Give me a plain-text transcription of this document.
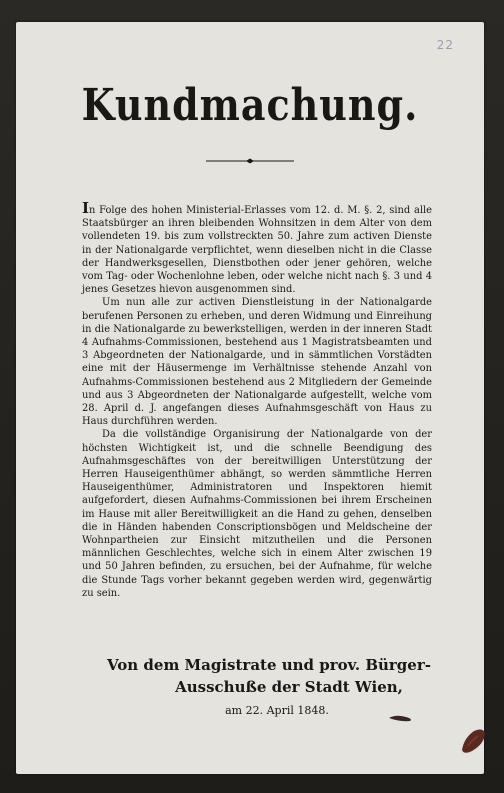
22
Kundmachung.

In Folge des hohen Ministerial-Erlasses vom 12. d. M. §. 2, sind alle Staatsbürger an ihren bleibenden Wohnsitzen in dem Alter von dem vollendeten 19. bis zum vollstreckten 50. Jahre zum activen Dienste in der Nationalgarde verpflichtet, wenn dieselben nicht in die Classe der Handwerksgesellen, Dienstbothen oder jener gehören, welche vom Tag- oder Wochenlohne leben, oder welche nicht nach §. 3 und 4 jenes Gesetzes hievon ausgenommen sind.

Um nun alle zur activen Dienstleistung in der Nationalgarde berufenen Personen zu erheben, und deren Widmung und Einreihung in die Nationalgarde zu bewerkstelligen, werden in der inneren Stadt 4 Aufnahms-Commissionen, bestehend aus 1 Magistratsbeamten und 3 Abgeordneten der Nationalgarde, und in sämmtlichen Vorstädten eine mit der Häusermenge im Verhältnisse stehende Anzahl von Aufnahms-Commissionen bestehend aus 2 Mitgliedern der Gemeinde und aus 3 Abgeordneten der Nationalgarde aufgestellt, welche vom 28. April d. J. angefangen dieses Aufnahmsgeschäft von Haus zu Haus durchführen werden.

Da die vollständige Organisirung der Nationalgarde von der höchsten Wichtigkeit ist, und die schnelle Beendigung des Aufnahmsgeschäftes von der bereitwilligen Unterstützung der Herren Hauseigenthümer abhängt, so werden sämmtliche Herren Hauseigenthümer, Administratoren und Inspektoren hiemit aufgefordert, diesen Aufnahms-Commissionen bei ihrem Erscheinen im Hause mit aller Bereitwilligkeit an die Hand zu gehen, denselben die in Händen habenden Conscriptionsbögen und Meldscheine der Wohnpartheien zur Einsicht mitzutheilen und die Personen männlichen Geschlechtes, welche sich in einem Alter zwischen 19 und 50 Jahren befinden, zu ersuchen, bei der Aufnahme, für welche die Stunde Tags vorher bekannt gegeben werden wird, gegenwärtig zu sein.

Von dem Magistrate und prov. Bürger-
Ausschuße der Stadt Wien,
am 22. April 1848.
